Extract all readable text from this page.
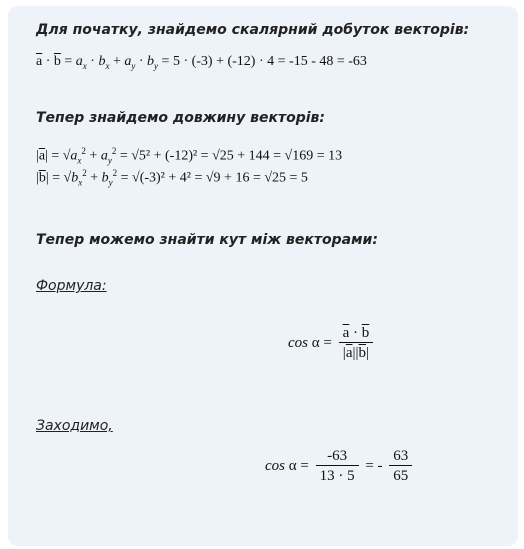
Для початку, знайдемо скалярний добуток векторів:
$\overline{a} \cdot \overline{b} = a_x \cdot b_x + a_y \cdot b_y = 5 \cdot (-3) + (-12) \cdot 4 = -15 - 48 = -63$
Тепер знайдемо довжину векторів:
$|\overline{a}| = √a_x^2 + a_y^2 = √5^2 + (-12)^2 = √25 + 144 = √169 = 13$
$|\overline{b}| = √b_x^2 + b_y^2 = √(-3)^2 + 4^2 = √9 + 16 = √25 = 5$
Тепер можемо знайти кут між векторами:
Формула:
$\cos \alpha = \frac{\overline{a} \cdot \overline{b}}{|\overline{a}||\overline{b}|}$
Заходимо,
$\cos \alpha = \frac{-63}{13 \cdot 5}$ = - $\frac{63}{65}$
